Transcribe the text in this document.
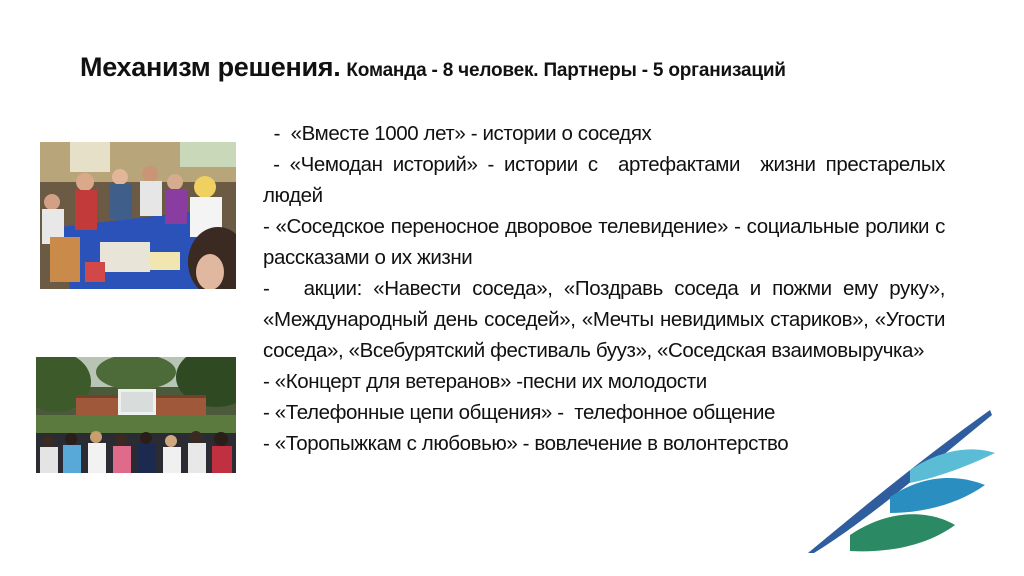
Механизм решения. Команда - 8 человек. Партнеры - 5 организаций

-  «Вместе 1000 лет» - истории о соседях

- «Чемодан историй» - истории с  артефактами  жизни престарелых людей

- «Соседское переносное дворовое телевидение» - социальные ролики с рассказами о их жизни

-   акции: «Навести соседа», «Поздравь соседа и пожми ему руку», «Международный день соседей», «Мечты невидимых стариков», «Угости соседа», «Всебурятский фестиваль бууз», «Соседская взаимовыручка»

- «Концерт для ветеранов» -песни их молодости

- «Телефонные цепи общения» -  телефонное общение

- «Торопыжкам с любовью» - вовлечение в волонтерство
